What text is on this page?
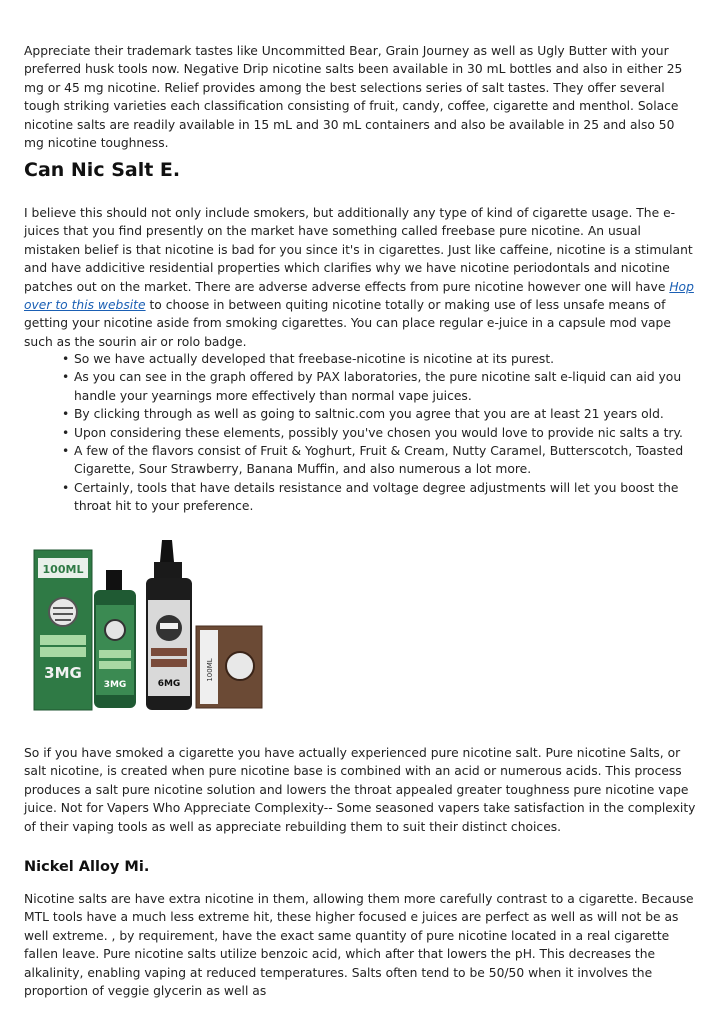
Appreciate their trademark tastes like Uncommitted Bear, Grain Journey as well as Ugly Butter with your preferred husk tools now. Negative Drip nicotine salts been available in 30 mL bottles and also in either 25 mg or 45 mg nicotine. Relief provides among the best selections series of salt tastes. They offer several tough striking varieties each classification consisting of fruit, candy, coffee, cigarette and menthol. Solace nicotine salts are readily available in 15 mL and 30 mL containers and also be available in 25 and also 50 mg nicotine toughness.

Can Nic Salt E.

I believe this should not only include smokers, but additionally any type of kind of cigarette usage. The e-juices that you find presently on the market have something called freebase pure nicotine. An usual mistaken belief is that nicotine is bad for you since it's in cigarettes. Just like caffeine, nicotine is a stimulant and have addicitive residential properties which clarifies why we have nicotine periodontals and nicotine patches out on the market. There are adverse adverse effects from pure nicotine however one will have Hop over to this website to choose in between quiting nicotine totally or making use of less unsafe means of getting your nicotine aside from smoking cigarettes. You can place regular e-juice in a capsule mod vape such as the sourin air or rolo badge.

• So we have actually developed that freebase-nicotine is nicotine at its purest.
• As you can see in the graph offered by PAX laboratories, the pure nicotine salt e-liquid can aid you handle your yearnings more effectively than normal vape juices.
• By clicking through as well as going to saltnic.com you agree that you are at least 21 years old.
• Upon considering these elements, possibly you've chosen you would love to provide nic salts a try.
• A few of the flavors consist of Fruit & Yoghurt, Fruit & Cream, Nutty Caramel, Butterscotch, Toasted Cigarette, Sour Strawberry, Banana Muffin, and also numerous a lot more.
• Certainly, tools that have details resistance and voltage degree adjustments will let you boost the throat hit to your preference.
100ML
3MG
3MG	6MG
100ML

So if you have smoked a cigarette you have actually experienced pure nicotine salt. Pure nicotine Salts, or salt nicotine, is created when pure nicotine base is combined with an acid or numerous acids. This process produces a salt pure nicotine solution and lowers the throat appealed greater toughness pure nicotine vape juice. Not for Vapers Who Appreciate Complexity-- Some seasoned vapers take satisfaction in the complexity of their vaping tools as well as appreciate rebuilding them to suit their distinct choices.

Nickel Alloy Mi.

Nicotine salts are have extra nicotine in them, allowing them more carefully contrast to a cigarette. Because MTL tools have a much less extreme hit, these higher focused e juices are perfect as well as will not be as well extreme. , by requirement, have the exact same quantity of pure nicotine located in a real cigarette fallen leave. Pure nicotine salts utilize benzoic acid, which after that lowers the pH. This decreases the alkalinity, enabling vaping at reduced temperatures. Salts often tend to be 50/50 when it involves the proportion of veggie glycerin as well as
